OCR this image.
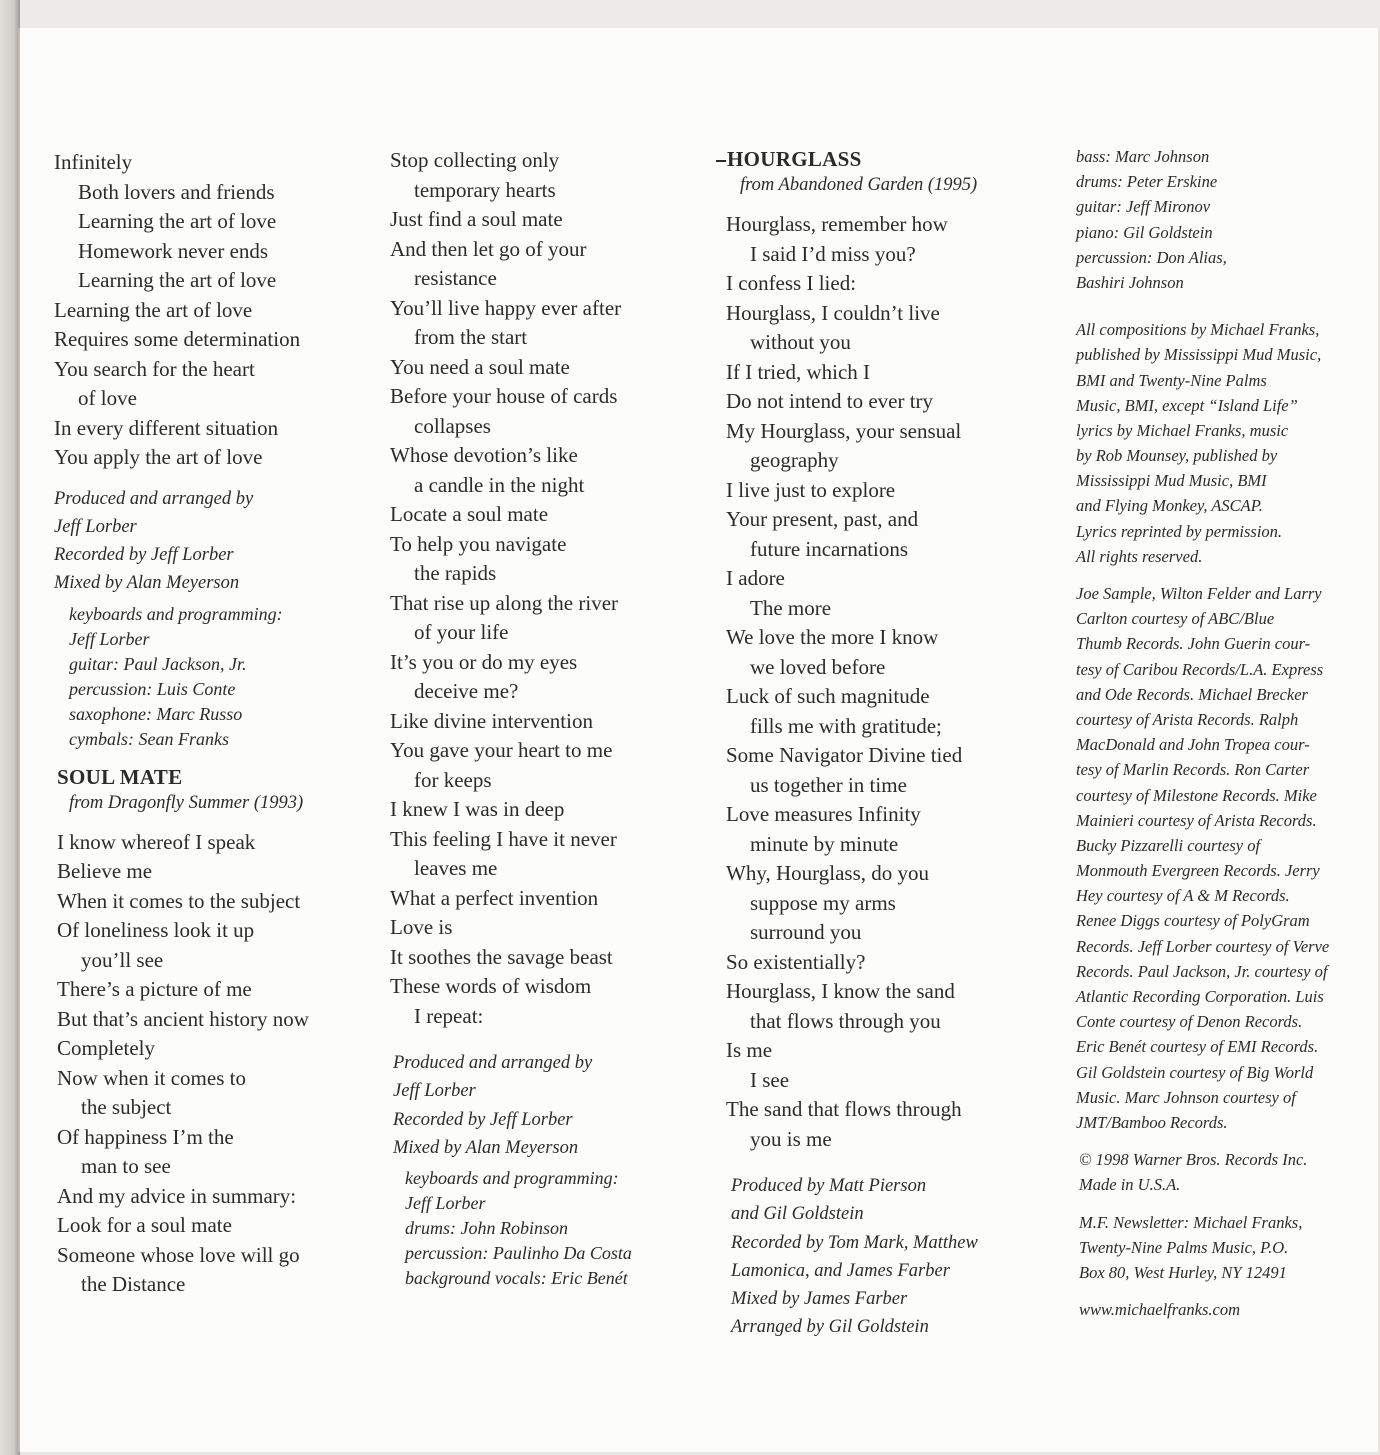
Infinitely
Both lovers and friends
Learning the art of love
Homework never ends
Learning the art of love
Learning the art of love
Requires some determination
You search for the heart
of love
In every different situation
You apply the art of love
Produced and arranged by
Jeff Lorber
Recorded by Jeff Lorber
Mixed by Alan Meyerson
keyboards and programming:
Jeff Lorber
guitar: Paul Jackson, Jr.
percussion: Luis Conte
saxophone: Marc Russo
cymbals: Sean Franks
SOUL MATE
from Dragonfly Summer (1993)
I know whereof I speak
Believe me
When it comes to the subject
Of loneliness look it up
you’ll see
There’s a picture of me
But that’s ancient history now
Completely
Now when it comes to
the subject
Of happiness I’m the
man to see
And my advice in summary:
Look for a soul mate
Someone whose love will go
the Distance
Stop collecting only
temporary hearts
Just find a soul mate
And then let go of your
resistance
You’ll live happy ever after
from the start
You need a soul mate
Before your house of cards
collapses
Whose devotion’s like
a candle in the night
Locate a soul mate
To help you navigate
the rapids
That rise up along the river
of your life
It’s you or do my eyes
deceive me?
Like divine intervention
You gave your heart to me
for keeps
I knew I was in deep
This feeling I have it never
leaves me
What a perfect invention
Love is
It soothes the savage beast
These words of wisdom
I repeat:
Produced and arranged by
Jeff Lorber
Recorded by Jeff Lorber
Mixed by Alan Meyerson
keyboards and programming:
Jeff Lorber
drums: John Robinson
percussion: Paulinho Da Costa
background vocals: Eric Benét
HOURGLASS
from Abandoned Garden (1995)
Hourglass, remember how
I said I’d miss you?
I confess I lied:
Hourglass, I couldn’t live
without you
If I tried, which I
Do not intend to ever try
My Hourglass, your sensual
geography
I live just to explore
Your present, past, and
future incarnations
I adore
The more
We love the more I know
we loved before
Luck of such magnitude
fills me with gratitude;
Some Navigator Divine tied
us together in time
Love measures Infinity
minute by minute
Why, Hourglass, do you
suppose my arms
surround you
So existentially?
Hourglass, I know the sand
that flows through you
Is me
I see
The sand that flows through
you is me
Produced by Matt Pierson
and Gil Goldstein
Recorded by Tom Mark, Matthew
Lamonica, and James Farber
Mixed by James Farber
Arranged by Gil Goldstein
bass: Marc Johnson
drums: Peter Erskine
guitar: Jeff Mironov
piano: Gil Goldstein
percussion: Don Alias,
Bashiri Johnson
All compositions by Michael Franks,
published by Mississippi Mud Music,
BMI and Twenty-Nine Palms
Music, BMI, except “Island Life”
lyrics by Michael Franks, music
by Rob Mounsey, published by
Mississippi Mud Music, BMI
and Flying Monkey, ASCAP.
Lyrics reprinted by permission.
All rights reserved.
Joe Sample, Wilton Felder and Larry
Carlton courtesy of ABC/Blue
Thumb Records. John Guerin cour-
tesy of Caribou Records/L.A. Express
and Ode Records. Michael Brecker
courtesy of Arista Records. Ralph
MacDonald and John Tropea cour-
tesy of Marlin Records. Ron Carter
courtesy of Milestone Records. Mike
Mainieri courtesy of Arista Records.
Bucky Pizzarelli courtesy of
Monmouth Evergreen Records. Jerry
Hey courtesy of A & M Records.
Renee Diggs courtesy of PolyGram
Records. Jeff Lorber courtesy of Verve
Records. Paul Jackson, Jr. courtesy of
Atlantic Recording Corporation. Luis
Conte courtesy of Denon Records.
Eric Benét courtesy of EMI Records.
Gil Goldstein courtesy of Big World
Music. Marc Johnson courtesy of
JMT/Bamboo Records.
© 1998 Warner Bros. Records Inc.
Made in U.S.A.
M.F. Newsletter: Michael Franks,
Twenty-Nine Palms Music, P.O.
Box 80, West Hurley, NY 12491
www.michaelfranks.com
